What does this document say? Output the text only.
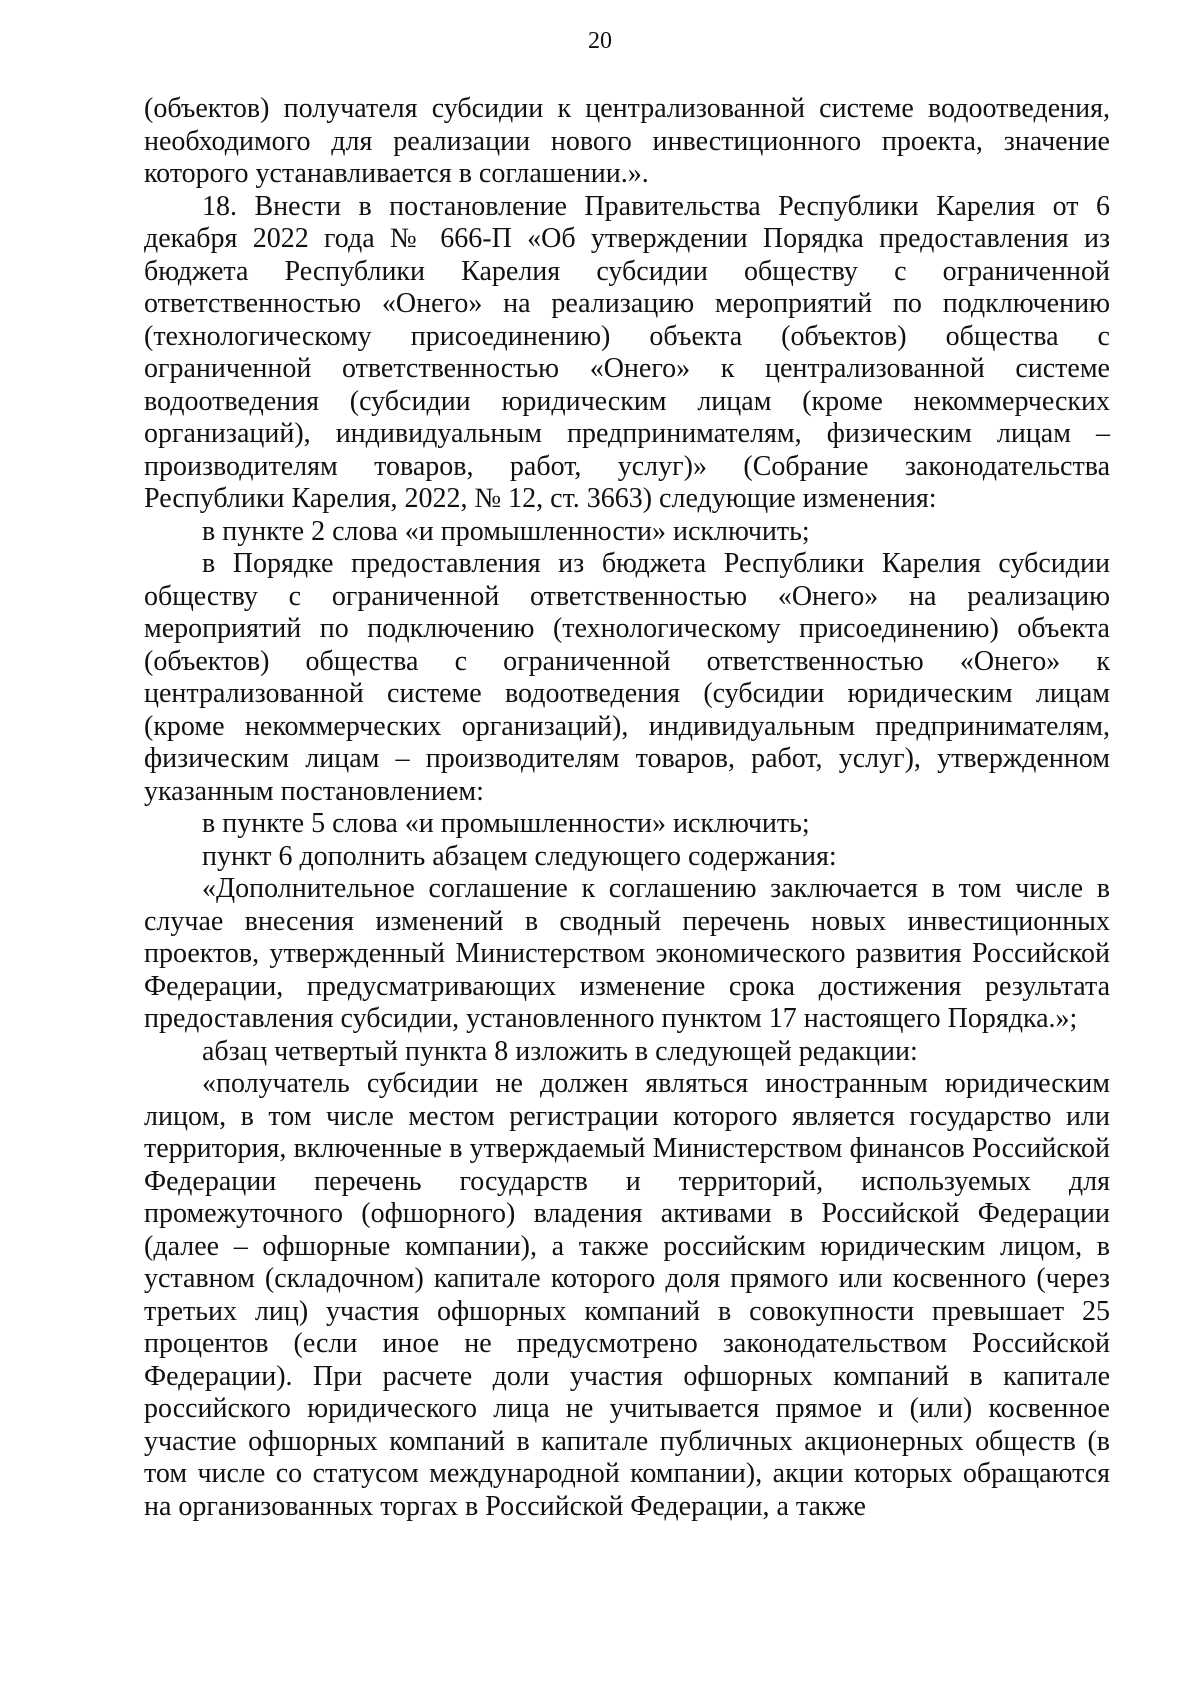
20

(объектов) получателя субсидии к централизованной системе водоотведения, необходимого для реализации нового инвестиционного проекта, значение которого устанавливается в соглашении.».

18. Внести в постановление Правительства Республики Карелия от 6 декабря 2022 года № 666-П «Об утверждении Порядка предоставления из бюджета Республики Карелия субсидии обществу с ограниченной ответственностью «Онего» на реализацию мероприятий по подключению (технологическому присоединению) объекта (объектов) общества с ограниченной ответственностью «Онего» к централизованной системе водоотведения (субсидии юридическим лицам (кроме некоммерческих организаций), индивидуальным предпринимателям, физическим лицам – производителям товаров, работ, услуг)» (Собрание законодательства Республики Карелия, 2022, № 12, ст. 3663) следующие изменения:

в пункте 2 слова «и промышленности» исключить;

в Порядке предоставления из бюджета Республики Карелия субсидии обществу с ограниченной ответственностью «Онего» на реализацию мероприятий по подключению (технологическому присоединению) объекта (объектов) общества с ограниченной ответственностью «Онего» к централизованной системе водоотведения (субсидии юридическим лицам (кроме некоммерческих организаций), индивидуальным предпринимателям, физическим лицам – производителям товаров, работ, услуг), утвержденном указанным постановлением:

в пункте 5 слова «и промышленности» исключить;

пункт 6 дополнить абзацем следующего содержания:

«Дополнительное соглашение к соглашению заключается в том числе в случае внесения изменений в сводный перечень новых инвестиционных проектов, утвержденный Министерством экономического развития Российской Федерации, предусматривающих изменение срока достижения результата предоставления субсидии, установленного пунктом 17 настоящего Порядка.»;

абзац четвертый пункта 8 изложить в следующей редакции:

«получатель субсидии не должен являться иностранным юридическим лицом, в том числе местом регистрации которого является государство или территория, включенные в утверждаемый Министерством финансов Российской Федерации перечень государств и территорий, используемых для промежуточного (офшорного) владения активами в Российской Федерации (далее – офшорные компании), а также российским юридическим лицом, в уставном (складочном) капитале которого доля прямого или косвенного (через третьих лиц) участия офшорных компаний в совокупности превышает 25 процентов (если иное не предусмотрено законодательством Российской Федерации). При расчете доли участия офшорных компаний в капитале российского юридического лица не учитывается прямое и (или) косвенное участие офшорных компаний в капитале публичных акционерных обществ (в том числе со статусом международной компании), акции которых обращаются на организованных торгах в Российской Федерации, а также
